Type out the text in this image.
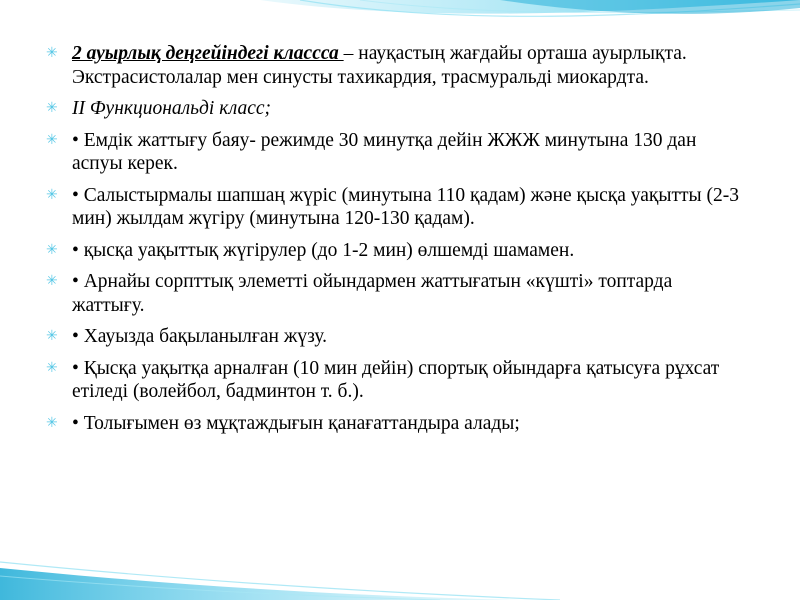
✳ 2 ауырлық деңгейіндегі классса – науқастың жағдайы орташа ауырлықта. Экстрасистолалар мен синусты тахикардия, трасмуральді миокардта.
✳ ІІ Функциональді класс;
✳ • Емдік жаттығу баяу- режимде 30 минутқа дейін ЖЖЖ минутына 130 дан аспуы керек.
✳ • Салыстырмалы шапшаң жүріс (минутына 110 қадам) және қысқа уақытты (2-3 мин) жылдам жүгіру (минутына 120-130 қадам).
✳ • қысқа уақыттық жүгірулер (до 1-2 мин) өлшемді шамамен.
✳ • Арнайы сорпттық элеметті ойындармен жаттығатын «күшті» топтарда жаттығу.
✳ • Хауызда бақыланылған жүзу.
✳ • Қысқа уақытқа арналған (10 мин дейін) спортық ойындарға қатысуға рұхсат етіледі (волейбол, бадминтон т. б.).
✳ • Толығымен өз мұқтаждығын қанағаттандыра алады;
